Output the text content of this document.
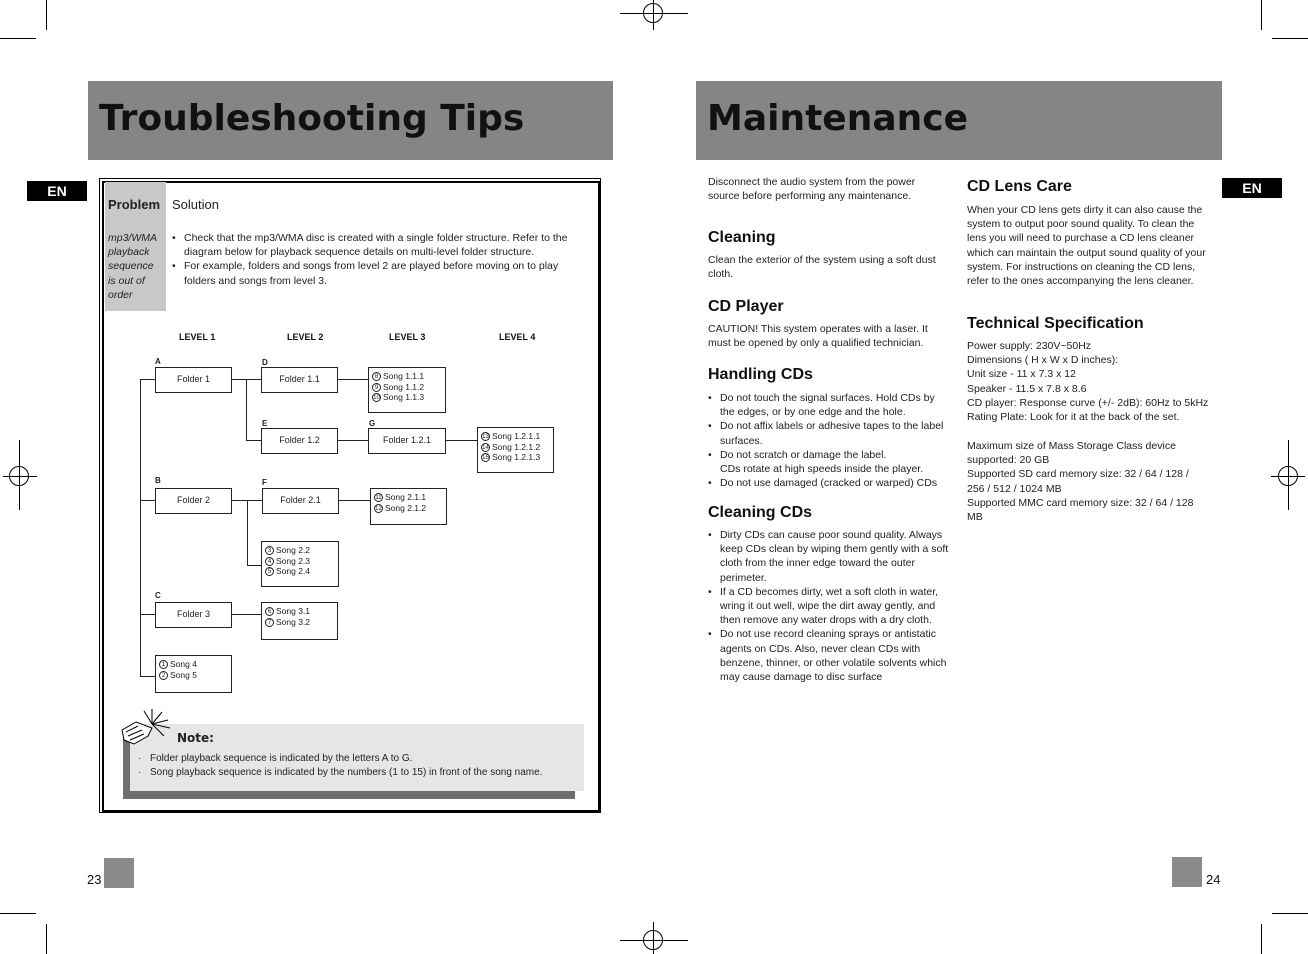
Troubleshooting Tips
EN
Problem Solution
mp3/WMA playback sequence is out of order
• Check that the mp3/WMA disc is created with a single folder structure. Refer to the diagram below for playback sequence details on multi-level folder structure.
• For example, folders and songs from level 2 are played before moving on to play folders and songs from level 3.
LEVEL 1	LEVEL 2	LEVEL 3	LEVEL 4
A
B
C
D
E
F
G
Folder 1
Folder 2
Folder 3
Folder 1.1
Folder 1.2
Folder 2.1
Folder 1.2.1
8 Song 1.1.1
9 Song 1.1.2
10 Song 1.1.3
13 Song 1.2.1.1
14 Song 1.2.1.2
15 Song 1.2.1.3
11 Song 2.1.1
12 Song 2.1.2
3 Song 2.2
4 Song 2.3
5 Song 2.4
6 Song 3.1
7 Song 3.2
1 Song 4
2 Song 5
Note:
· Folder playback sequence is indicated by the letters A to G.
· Song playback sequence is indicated by the numbers (1 to 15) in front of the song name.
23
Maintenance
EN
Disconnect the audio system from the power source before performing any maintenance.
Cleaning
Clean the exterior of the system using a soft dust cloth.
CD Player
CAUTION! This system operates with a laser. It must be opened by only a qualified technician.
Handling CDs
• Do not touch the signal surfaces. Hold CDs by the edges, or by one edge and the hole.
• Do not affix labels or adhesive tapes to the label surfaces.
• Do not scratch or damage the label.
CDs rotate at high speeds inside the player.
• Do not use damaged (cracked or warped) CDs
Cleaning CDs
• Dirty CDs can cause poor sound quality. Always keep CDs clean by wiping them gently with a soft cloth from the inner edge toward the outer perimeter.
• If a CD becomes dirty, wet a soft cloth in water, wring it out well, wipe the dirt away gently, and then remove any water drops with a dry cloth.
• Do not use record cleaning sprays or antistatic agents on CDs. Also, never clean CDs with benzene, thinner, or other volatile solvents which may cause damage to disc surface
CD Lens Care
When your CD lens gets dirty it can also cause the system to output poor sound quality. To clean the lens you will need to purchase a CD lens cleaner which can maintain the output sound quality of your system. For instructions on cleaning the CD lens, refer to the ones accompanying the lens cleaner.
Technical Specification
Power supply: 230V~50Hz
Dimensions ( H x W x D inches):
Unit size - 11 x 7.3 x 12
Speaker - 11.5 x 7.8 x 8.6
CD player: Response curve (+/- 2dB): 60Hz to 5kHz
Rating Plate: Look for it at the back of the set.
Maximum size of Mass Storage Class device supported: 20 GB
Supported SD card memory size: 32 / 64 / 128 / 256 / 512 / 1024 MB
Supported MMC card memory size: 32 / 64 / 128 MB
24
